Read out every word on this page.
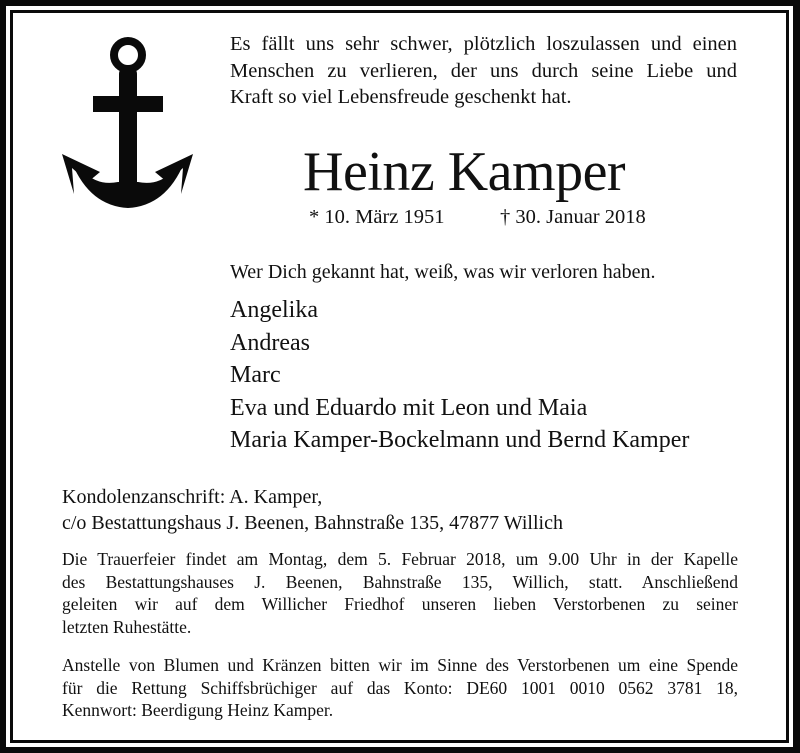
Es fällt uns sehr schwer, plötzlich loszulassen und einen
Menschen zu verlieren, der uns durch seine Liebe und
Kraft so viel Lebensfreude geschenkt hat.
Heinz Kamper
* 10. März 1951	† 30. Januar 2018
Wer Dich gekannt hat, weiß, was wir verloren haben.
Angelika
Andreas
Marc
Eva und Eduardo mit Leon und Maia
Maria Kamper-Bockelmann und Bernd Kamper
Kondolenzanschrift: A. Kamper,
c/o Bestattungshaus J. Beenen, Bahnstraße 135, 47877 Willich
Die Trauerfeier findet am Montag, dem 5. Februar 2018, um 9.00 Uhr in der Kapelle
des Bestattungshauses J. Beenen, Bahnstraße 135, Willich, statt. Anschließend
geleiten wir auf dem Willicher Friedhof unseren lieben Verstorbenen zu seiner
letzten Ruhestätte.
Anstelle von Blumen und Kränzen bitten wir im Sinne des Verstorbenen um eine Spende
für die Rettung Schiffsbrüchiger auf das Konto: DE60 1001 0010 0562 3781 18,
Kennwort: Beerdigung Heinz Kamper.
